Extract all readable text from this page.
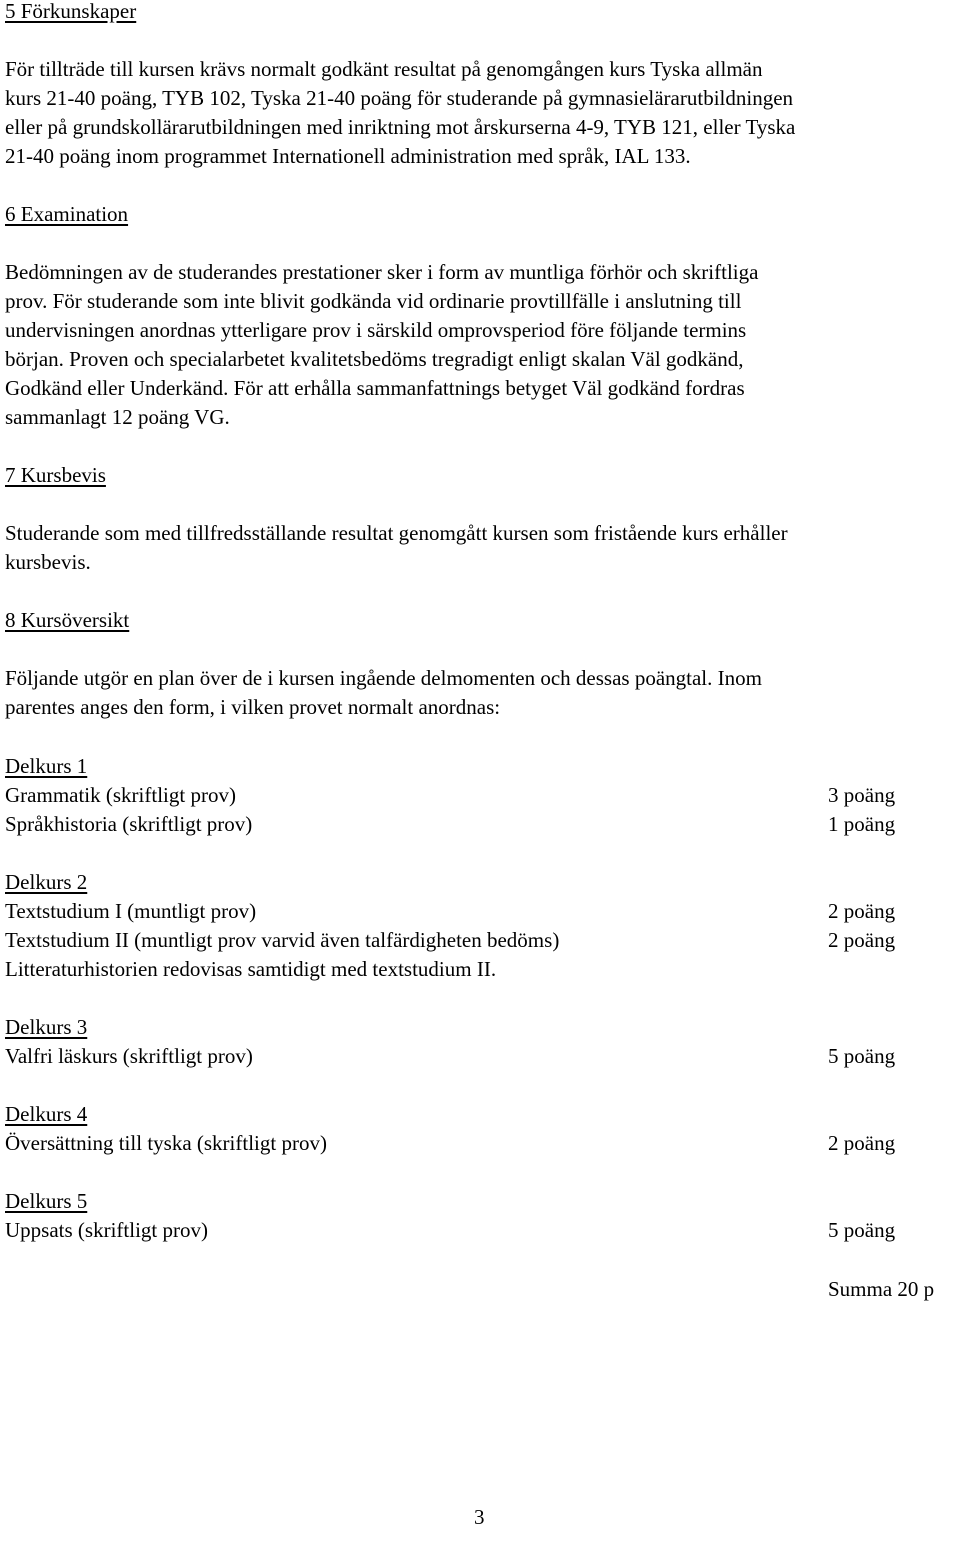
5 Förkunskaper
För tillträde till kursen krävs normalt godkänt resultat på genomgången kurs Tyska allmän
kurs 21-40 poäng, TYB 102, Tyska 21-40 poäng för studerande på gymnasielärarutbildningen
eller på grundskollärarutbildningen med inriktning mot årskurserna 4-9, TYB 121, eller Tyska
21-40 poäng inom programmet Internationell administration med språk, IAL 133.
6 Examination
Bedömningen av de studerandes prestationer sker i form av muntliga förhör och skriftliga
prov. För studerande som inte blivit godkända vid ordinarie provtillfälle i anslutning till
undervisningen anordnas ytterligare prov i särskild omprovsperiod före följande termins
början. Proven och specialarbetet kvalitetsbedöms tregradigt enligt skalan Väl godkänd,
Godkänd eller Underkänd. För att erhålla sammanfattnings betyget Väl godkänd fordras
sammanlagt 12 poäng VG.
7 Kursbevis
Studerande som med tillfredsställande resultat genomgått kursen som fristående kurs erhåller
kursbevis.
8 Kursöversikt
Följande utgör en plan över de i kursen ingående delmomenten och dessas poängtal. Inom
parentes anges den form, i vilken provet normalt anordnas:
Delkurs 1
Grammatik (skriftligt prov)	3 poäng
Språkhistoria (skriftligt prov)	1 poäng
Delkurs 2
Textstudium I (muntligt prov)	2 poäng
Textstudium II (muntligt prov varvid även talfärdigheten bedöms)	2 poäng
Litteraturhistorien redovisas samtidigt med textstudium II.
Delkurs 3
Valfri läskurs (skriftligt prov)	5 poäng
Delkurs 4
Översättning till tyska (skriftligt prov)	2 poäng
Delkurs 5
Uppsats (skriftligt prov)	5 poäng
Summa 20 p
3
